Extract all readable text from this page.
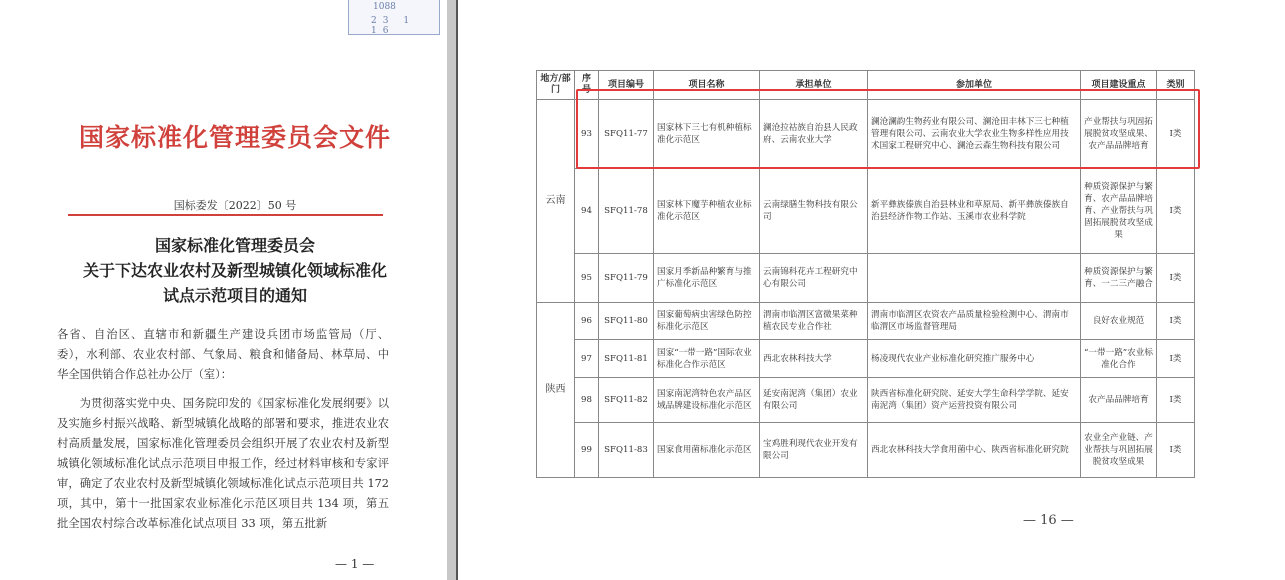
1088
23 1 16
国家标准化管理委员会文件
国标委发〔2022〕50 号
国家标准化管理委员会
关于下达农业农村及新型城镇化领域标准化
试点示范项目的通知
各省、自治区、直辖市和新疆生产建设兵团市场监管局（厅、委），水利部、农业农村部、气象局、粮食和储备局、林草局、中华全国供销合作总社办公厅（室）：
为贯彻落实党中央、国务院印发的《国家标准化发展纲要》以及实施乡村振兴战略、新型城镇化战略的部署和要求，推进农业农村高质量发展，国家标准化管理委员会组织开展了农业农村及新型城镇化领域标准化试点示范项目申报工作，经过材料审核和专家评审，确定了农业农村及新型城镇化领域标准化试点示范项目共 172 项，其中，第十一批国家农业标准化示范区项目共 134 项，第五批全国农村综合改革标准化试点项目 33 项，第五批新
— 1 —
地方/部门	序号	项目编号	项目名称	承担单位	参加单位	项目建设重点	类别
云南	93	SFQ11-77	国家林下三七有机种植标准化示范区	澜沧拉祜族自治县人民政府、云南农业大学	澜沧澜韵生物药业有限公司、澜沧田丰林下三七种植管理有限公司、云南农业大学农业生物多样性应用技术国家工程研究中心、澜沧云森生物科技有限公司	产业帮扶与巩固拓展脱贫攻坚成果、农产品品牌培育	Ⅰ类
	94	SFQ11-78	国家林下魔芋种植农业标准化示范区	云南绿膳生物科技有限公司	新平彝族傣族自治县林业和草原局、新平彝族傣族自治县经济作物工作站、玉溪市农业科学院	种质资源保护与繁育、农产品品牌培育、产业帮扶与巩固拓展脱贫攻坚成果	Ⅰ类
	95	SFQ11-79	国家月季新品种繁育与推广标准化示范区	云南锦科花卉工程研究中心有限公司		种质资源保护与繁育、一二三产融合	Ⅰ类
陕西	96	SFQ11-80	国家葡萄病虫害绿色防控标准化示范区	渭南市临渭区富微果菜种植农民专业合作社	渭南市临渭区农资农产品质量检验检测中心、渭南市临渭区市场监督管理局	良好农业规范	Ⅰ类
	97	SFQ11-81	国家“一带一路”国际农业标准化合作示范区	西北农林科技大学	杨凌现代农业产业标准化研究推广服务中心	“一带一路”农业标准化合作	Ⅰ类
	98	SFQ11-82	国家南泥湾特色农产品区域品牌建设标准化示范区	延安南泥湾（集团）农业有限公司	陕西省标准化研究院、延安大学生命科学学院、延安南泥湾（集团）资产运营投资有限公司	农产品品牌培育	Ⅰ类
	99	SFQ11-83	国家食用菌标准化示范区	宝鸡胜利现代农业开发有限公司	西北农林科技大学食用菌中心、陕西省标准化研究院	农业全产业链、产业帮扶与巩固拓展脱贫攻坚成果	Ⅰ类
— 16 —
